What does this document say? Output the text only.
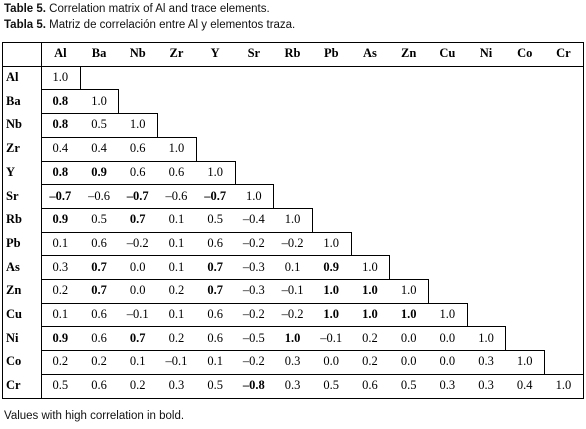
Table 5. Correlation matrix of Al and trace elements.
Tabla 5. Matriz de correlación entre Al y elementos traza.
Al	Ba	Nb	Zr	Y	Sr	Rb	Pb	As	Zn	Cu	Ni	Co	Cr
Al	1.0
Ba	0.8	1.0
Nb	0.8	0.5	1.0
Zr	0.4	0.4	0.6	1.0
Y	0.8	0.9	0.6	0.6	1.0
Sr	–0.7	–0.6	–0.7	–0.6	–0.7	1.0
Rb	0.9	0.5	0.7	0.1	0.5	–0.4	1.0
Pb	0.1	0.6	–0.2	0.1	0.6	–0.2	–0.2	1.0
As	0.3	0.7	0.0	0.1	0.7	–0.3	0.1	0.9	1.0
Zn	0.2	0.7	0.0	0.2	0.7	–0.3	–0.1	1.0	1.0	1.0
Cu	0.1	0.6	–0.1	0.1	0.6	–0.2	–0.2	1.0	1.0	1.0	1.0
Ni	0.9	0.6	0.7	0.2	0.6	–0.5	1.0	–0.1	0.2	0.0	0.0	1.0
Co	0.2	0.2	0.1	–0.1	0.1	–0.2	0.3	0.0	0.2	0.0	0.0	0.3	1.0
Cr	0.5	0.6	0.2	0.3	0.5	–0.8	0.3	0.5	0.6	0.5	0.3	0.3	0.4	1.0
Values with high correlation in bold.
